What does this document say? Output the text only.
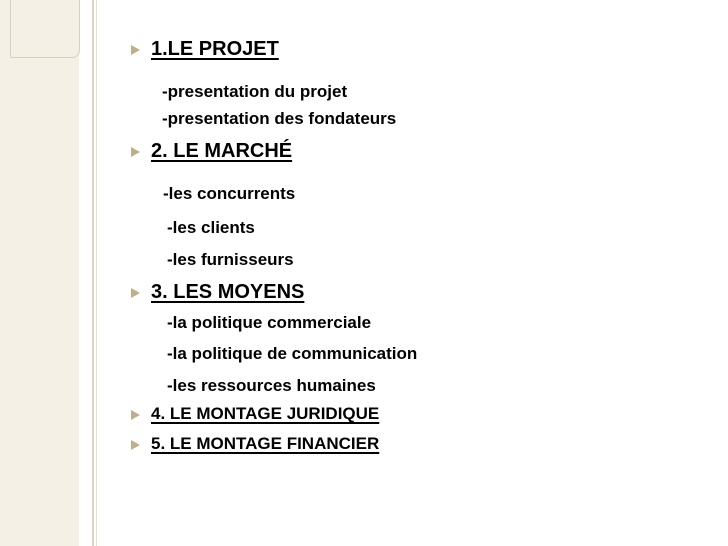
1.LE PROJET
-presentation du projet
-presentation des fondateurs
2. LE MARCHÉ
-les concurrents
-les clients
-les furnisseurs
3. LES MOYENS
-la politique commerciale
-la politique de communication
-les ressources humaines
4. LE MONTAGE JURIDIQUE
5. LE MONTAGE FINANCIER
